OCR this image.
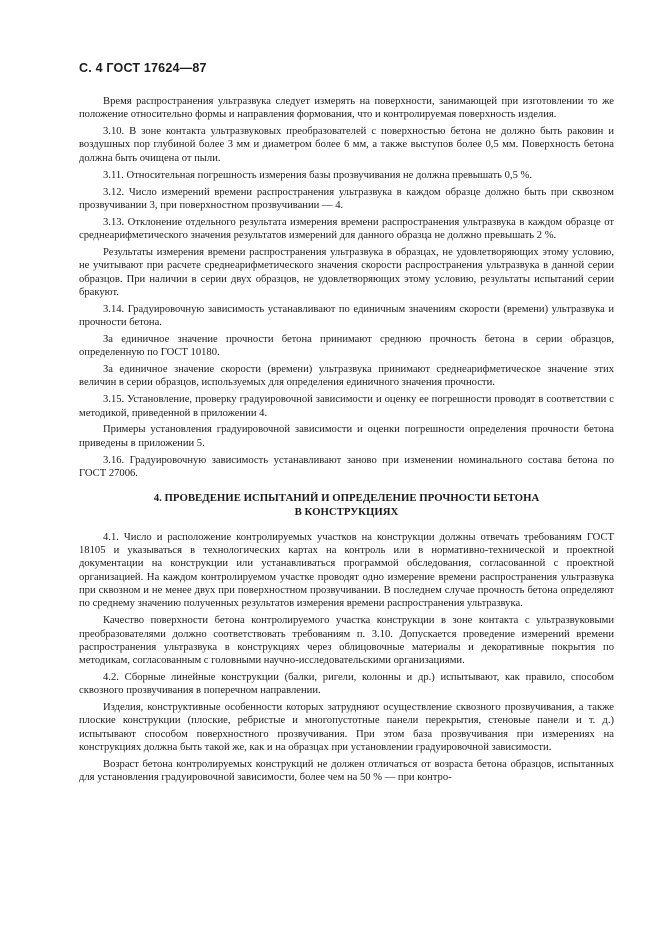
С. 4 ГОСТ 17624—87

Время распространения ультразвука следует измерять на поверхности, занимающей при изготовлении то же положение относительно формы и направления формования, что и контролируемая поверхность изделия.

3.10. В зоне контакта ультразвуковых преобразователей с поверхностью бетона не должно быть раковин и воздушных пор глубиной более 3 мм и диаметром более 6 мм, а также выступов более 0,5 мм. Поверхность бетона должна быть очищена от пыли.

3.11. Относительная погрешность измерения базы прозвучивания не должна превышать 0,5 %.

3.12. Число измерений времени распространения ультразвука в каждом образце должно быть при сквозном прозвучивании 3, при поверхностном прозвучивании — 4.

3.13. Отклонение отдельного результата измерения времени распространения ультразвука в каждом образце от среднеарифметического значения результатов измерений для данного образца не должно превышать 2 %.

Результаты измерения времени распространения ультразвука в образцах, не удовлетворяющих этому условию, не учитывают при расчете среднеарифметического значения скорости распространения ультразвука в данной серии образцов. При наличии в серии двух образцов, не удовлетворяющих этому условию, результаты испытаний серии бракуют.

3.14. Градуировочную зависимость устанавливают по единичным значениям скорости (времени) ультразвука и прочности бетона.

За единичное значение прочности бетона принимают среднюю прочность бетона в серии образцов, определенную по ГОСТ 10180.

За единичное значение скорости (времени) ультразвука принимают среднеарифметическое значение этих величин в серии образцов, используемых для определения единичного значения прочности.

3.15. Установление, проверку градуировочной зависимости и оценку ее погрешности проводят в соответствии с методикой, приведенной в приложении 4.

Примеры установления градуировочной зависимости и оценки погрешности определения прочности бетона приведены в приложении 5.

3.16. Градуировочную зависимость устанавливают заново при изменении номинального состава бетона по ГОСТ 27006.

4. ПРОВЕДЕНИЕ ИСПЫТАНИЙ И ОПРЕДЕЛЕНИЕ ПРОЧНОСТИ БЕТОНА
В КОНСТРУКЦИЯХ

4.1. Число и расположение контролируемых участков на конструкции должны отвечать требованиям ГОСТ 18105 и указываться в технологических картах на контроль или в нормативно-технической и проектной документации на конструкции или устанавливаться программой обследования, согласованной с проектной организацией. На каждом контролируемом участке проводят одно измерение времени распространения ультразвука при сквозном и не менее двух при поверхностном прозвучивании. В последнем случае прочность бетона определяют по среднему значению полученных результатов измерения времени распространения ультразвука.

Качество поверхности бетона контролируемого участка конструкции в зоне контакта с ультразвуковыми преобразователями должно соответствовать требованиям п. 3.10. Допускается проведение измерений времени распространения ультразвука в конструкциях через облицовочные материалы и декоративные покрытия по методикам, согласованным с головными научно-исследовательскими организациями.

4.2. Сборные линейные конструкции (балки, ригели, колонны и др.) испытывают, как правило, способом сквозного прозвучивания в поперечном направлении.

Изделия, конструктивные особенности которых затрудняют осуществление сквозного прозвучивания, а также плоские конструкции (плоские, ребристые и многопустотные панели перекрытия, стеновые панели и т. д.) испытывают способом поверхностного прозвучивания. При этом база прозвучивания при измерениях на конструкциях должна быть такой же, как и на образцах при установлении градуировочной зависимости.

Возраст бетона контролируемых конструкций не должен отличаться от возраста бетона образцов, испытанных для установления градуировочной зависимости, более чем на 50 % — при контро-
